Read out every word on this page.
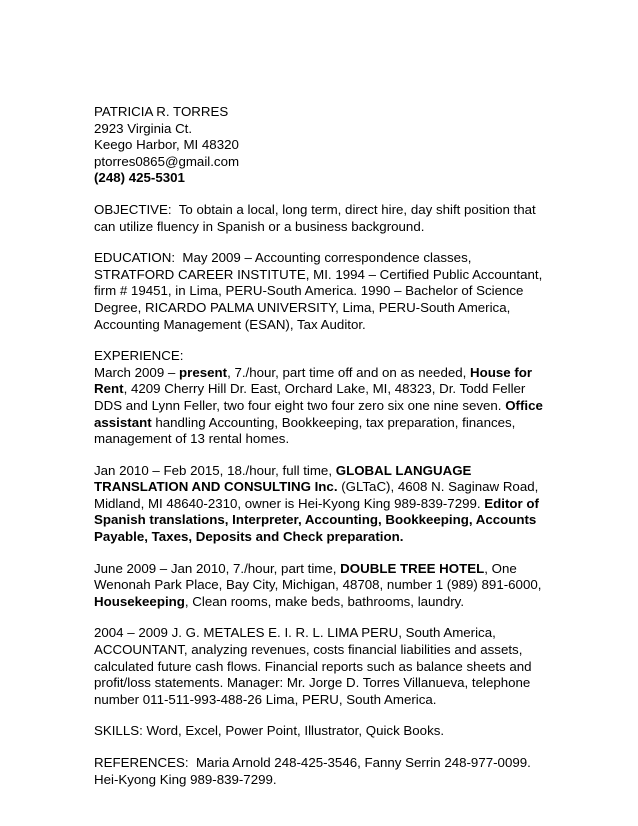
PATRICIA R. TORRES

2923 Virginia Ct.

Keego Harbor, MI 48320

ptorres0865@gmail.com

(248) 425-5301

OBJECTIVE: To obtain a local, long term, direct hire, day shift position that can utilize fluency in Spanish or a business background.

EDUCATION: May 2009 – Accounting correspondence classes, STRATFORD CAREER INSTITUTE, MI. 1994 – Certified Public Accountant, firm # 19451, in Lima, PERU-South America. 1990 – Bachelor of Science Degree, RICARDO PALMA UNIVERSITY, Lima, PERU-South America, Accounting Management (ESAN), Tax Auditor.

EXPERIENCE:

March 2009 – present, 7./hour, part time off and on as needed, House for Rent, 4209 Cherry Hill Dr. East, Orchard Lake, MI, 48323, Dr. Todd Feller DDS and Lynn Feller, two four eight two four zero six one nine seven. Office assistant handling Accounting, Bookkeeping, tax preparation, finances, management of 13 rental homes.

Jan 2010 – Feb 2015, 18./hour, full time, GLOBAL LANGUAGE TRANSLATION AND CONSULTING Inc. (GLTaC), 4608 N. Saginaw Road, Midland, MI 48640-2310, owner is Hei-Kyong King 989-839-7299. Editor of Spanish translations, Interpreter, Accounting, Bookkeeping, Accounts Payable, Taxes, Deposits and Check preparation.

June 2009 – Jan 2010, 7./hour, part time, DOUBLE TREE HOTEL, One Wenonah Park Place, Bay City, Michigan, 48708, number 1 (989) 891-6000, Housekeeping, Clean rooms, make beds, bathrooms, laundry.

2004 – 2009 J. G. METALES E. I. R. L. LIMA PERU, South America, ACCOUNTANT, analyzing revenues, costs financial liabilities and assets, calculated future cash flows. Financial reports such as balance sheets and profit/loss statements. Manager: Mr. Jorge D. Torres Villanueva, telephone number 011-511-993-488-26 Lima, PERU, South America.

SKILLS: Word, Excel, Power Point, Illustrator, Quick Books.

REFERENCES: Maria Arnold 248-425-3546, Fanny Serrin 248-977-0099. Hei-Kyong King 989-839-7299.
